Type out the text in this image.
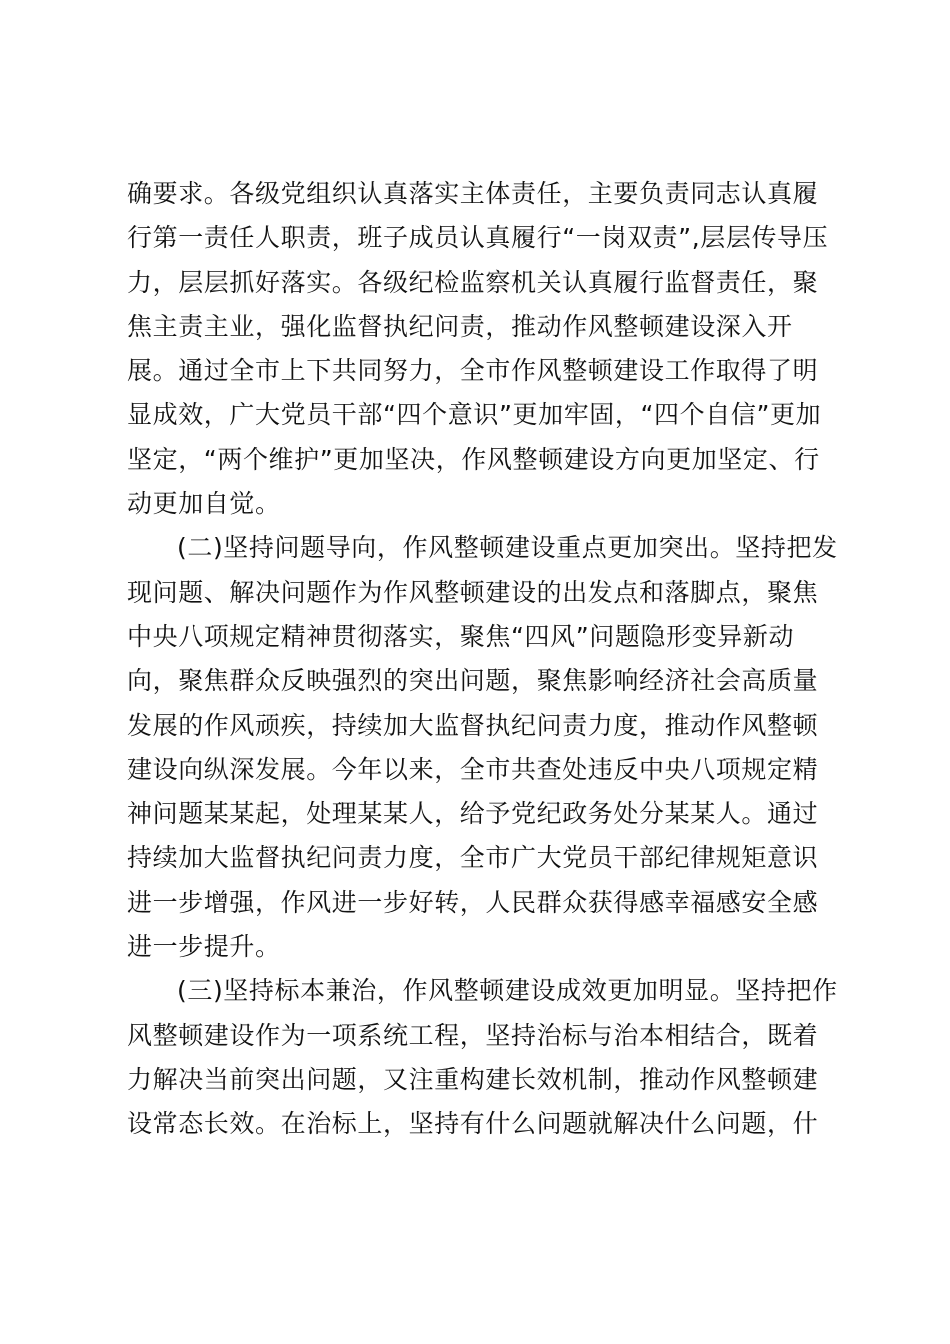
确要求。各级党组织认真落实主体责任，主要负责同志认真履
行第一责任人职责，班子成员认真履行“一岗双责”,层层传导压
力，层层抓好落实。各级纪检监察机关认真履行监督责任，聚
焦主责主业，强化监督执纪问责，推动作风整顿建设深入开
展。通过全市上下共同努力，全市作风整顿建设工作取得了明
显成效，广大党员干部“四个意识”更加牢固，“四个自信”更加
坚定，“两个维护”更加坚决，作风整顿建设方向更加坚定、行
动更加自觉。
(二)坚持问题导向，作风整顿建设重点更加突出。坚持把发
现问题、解决问题作为作风整顿建设的出发点和落脚点，聚焦
中央八项规定精神贯彻落实，聚焦“四风”问题隐形变异新动
向，聚焦群众反映强烈的突出问题，聚焦影响经济社会高质量
发展的作风顽疾，持续加大监督执纪问责力度，推动作风整顿
建设向纵深发展。今年以来，全市共查处违反中央八项规定精
神问题某某起，处理某某人，给予党纪政务处分某某人。通过
持续加大监督执纪问责力度，全市广大党员干部纪律规矩意识
进一步增强，作风进一步好转，人民群众获得感幸福感安全感
进一步提升。
(三)坚持标本兼治，作风整顿建设成效更加明显。坚持把作
风整顿建设作为一项系统工程，坚持治标与治本相结合，既着
力解决当前突出问题，又注重构建长效机制，推动作风整顿建
设常态长效。在治标上，坚持有什么问题就解决什么问题，什
